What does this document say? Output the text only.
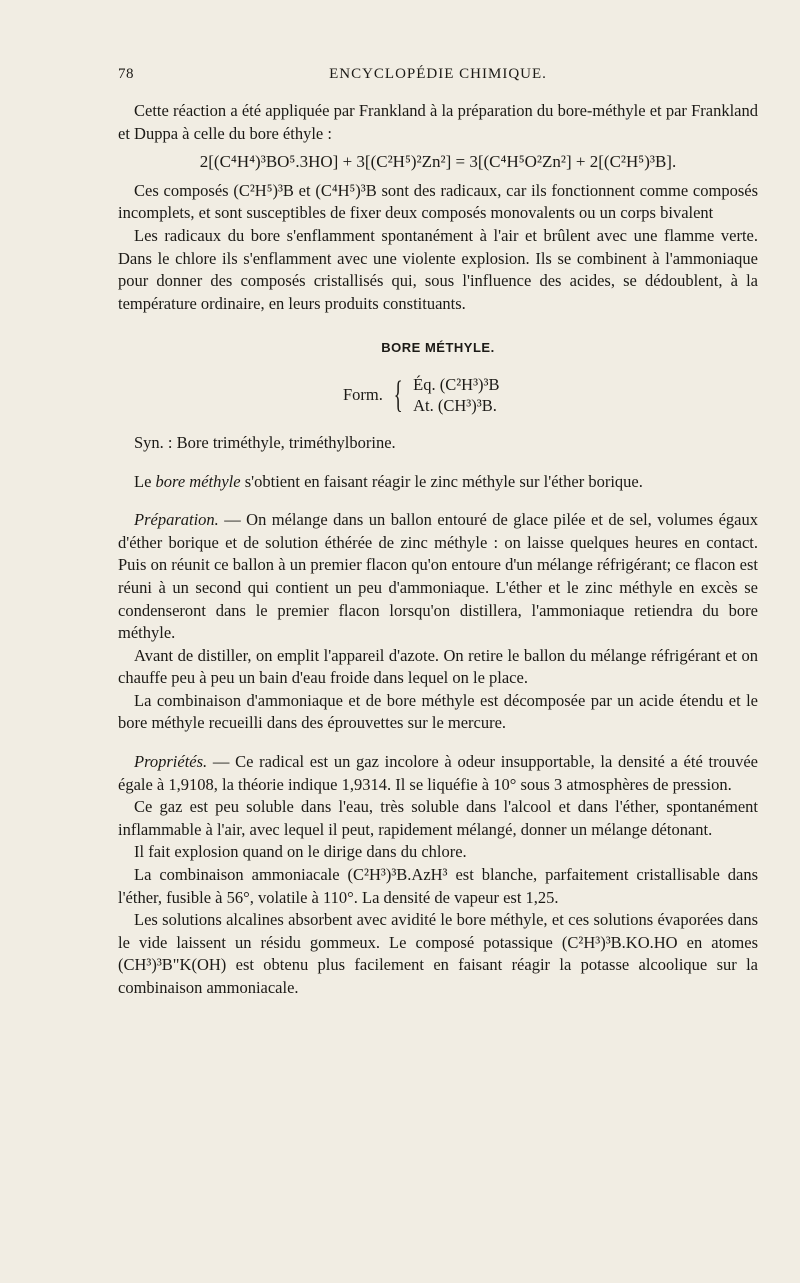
78	ENCYCLOPÉDIE CHIMIQUE.

Cette réaction a été appliquée par Frankland à la préparation du bore-méthyle et par Frankland et Duppa à celle du bore éthyle :

2[(C⁴H⁴)³BO⁵.3HO] + 3[(C²H⁵)²Zn²] = 3[(C⁴H⁵O²Zn²] + 2[(C²H⁵)³B].

Ces composés (C²H⁵)³B et (C⁴H⁵)³B sont des radicaux, car ils fonctionnent comme composés incomplets, et sont susceptibles de fixer deux composés monovalents ou un corps bivalent

Les radicaux du bore s'enflamment spontanément à l'air et brûlent avec une flamme verte. Dans le chlore ils s'enflamment avec une violente explosion. Ils se combinent à l'ammoniaque pour donner des composés cristallisés qui, sous l'influence des acides, se dédoublent, à la température ordinaire, en leurs produits constituants.

BORE MÉTHYLE.
Form. { Éq. (C²H³)³B
At. (CH³)³B.

Syn. : Bore triméthyle, triméthylborine.

Le bore méthyle s'obtient en faisant réagir le zinc méthyle sur l'éther borique.

Préparation. — On mélange dans un ballon entouré de glace pilée et de sel, volumes égaux d'éther borique et de solution éthérée de zinc méthyle : on laisse quelques heures en contact. Puis on réunit ce ballon à un premier flacon qu'on entoure d'un mélange réfrigérant; ce flacon est réuni à un second qui contient un peu d'ammoniaque. L'éther et le zinc méthyle en excès se condenseront dans le premier flacon lorsqu'on distillera, l'ammoniaque retiendra du bore méthyle.

Avant de distiller, on emplit l'appareil d'azote. On retire le ballon du mélange réfrigérant et on chauffe peu à peu un bain d'eau froide dans lequel on le place.

La combinaison d'ammoniaque et de bore méthyle est décomposée par un acide étendu et le bore méthyle recueilli dans des éprouvettes sur le mercure.

Propriétés. — Ce radical est un gaz incolore à odeur insupportable, la densité a été trouvée égale à 1,9108, la théorie indique 1,9314. Il se liquéfie à 10° sous 3 atmosphères de pression.

Ce gaz est peu soluble dans l'eau, très soluble dans l'alcool et dans l'éther, spontanément inflammable à l'air, avec lequel il peut, rapidement mélangé, donner un mélange détonant.

Il fait explosion quand on le dirige dans du chlore.

La combinaison ammoniacale (C²H³)³B.AzH³ est blanche, parfaitement cristallisable dans l'éther, fusible à 56°, volatile à 110°. La densité de vapeur est 1,25.

Les solutions alcalines absorbent avec avidité le bore méthyle, et ces solutions évaporées dans le vide laissent un résidu gommeux. Le composé potassique (C²H³)³B.KO.HO en atomes (CH³)³B"K(OH) est obtenu plus facilement en faisant réagir la potasse alcoolique sur la combinaison ammoniacale.
